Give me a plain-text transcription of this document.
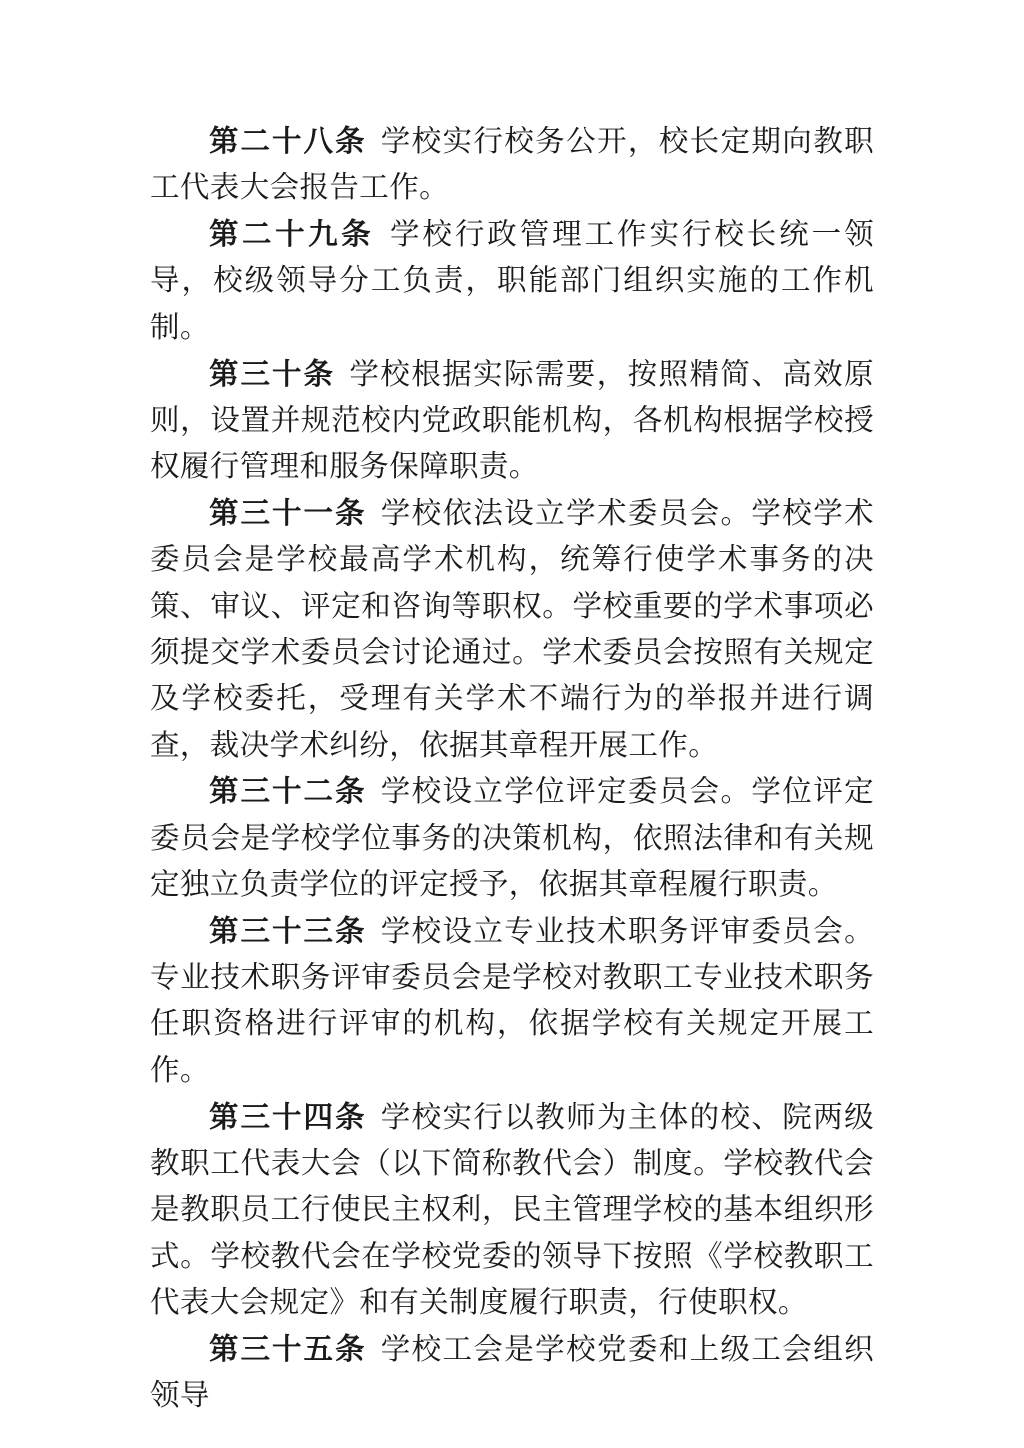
第二十八条 学校实行校务公开，校长定期向教职工代表大会报告工作。

第二十九条 学校行政管理工作实行校长统一领导，校级领导分工负责，职能部门组织实施的工作机制。

第三十条 学校根据实际需要，按照精简、高效原则，设置并规范校内党政职能机构，各机构根据学校授权履行管理和服务保障职责。

第三十一条 学校依法设立学术委员会。学校学术委员会是学校最高学术机构，统筹行使学术事务的决策、审议、评定和咨询等职权。学校重要的学术事项必须提交学术委员会讨论通过。学术委员会按照有关规定及学校委托，受理有关学术不端行为的举报并进行调查，裁决学术纠纷，依据其章程开展工作。

第三十二条 学校设立学位评定委员会。学位评定委员会是学校学位事务的决策机构，依照法律和有关规定独立负责学位的评定授予，依据其章程履行职责。

第三十三条 学校设立专业技术职务评审委员会。专业技术职务评审委员会是学校对教职工专业技术职务任职资格进行评审的机构，依据学校有关规定开展工作。

第三十四条 学校实行以教师为主体的校、院两级教职工代表大会（以下简称教代会）制度。学校教代会是教职员工行使民主权利，民主管理学校的基本组织形式。学校教代会在学校党委的领导下按照《学校教职工代表大会规定》和有关制度履行职责，行使职权。

第三十五条 学校工会是学校党委和上级工会组织领导
